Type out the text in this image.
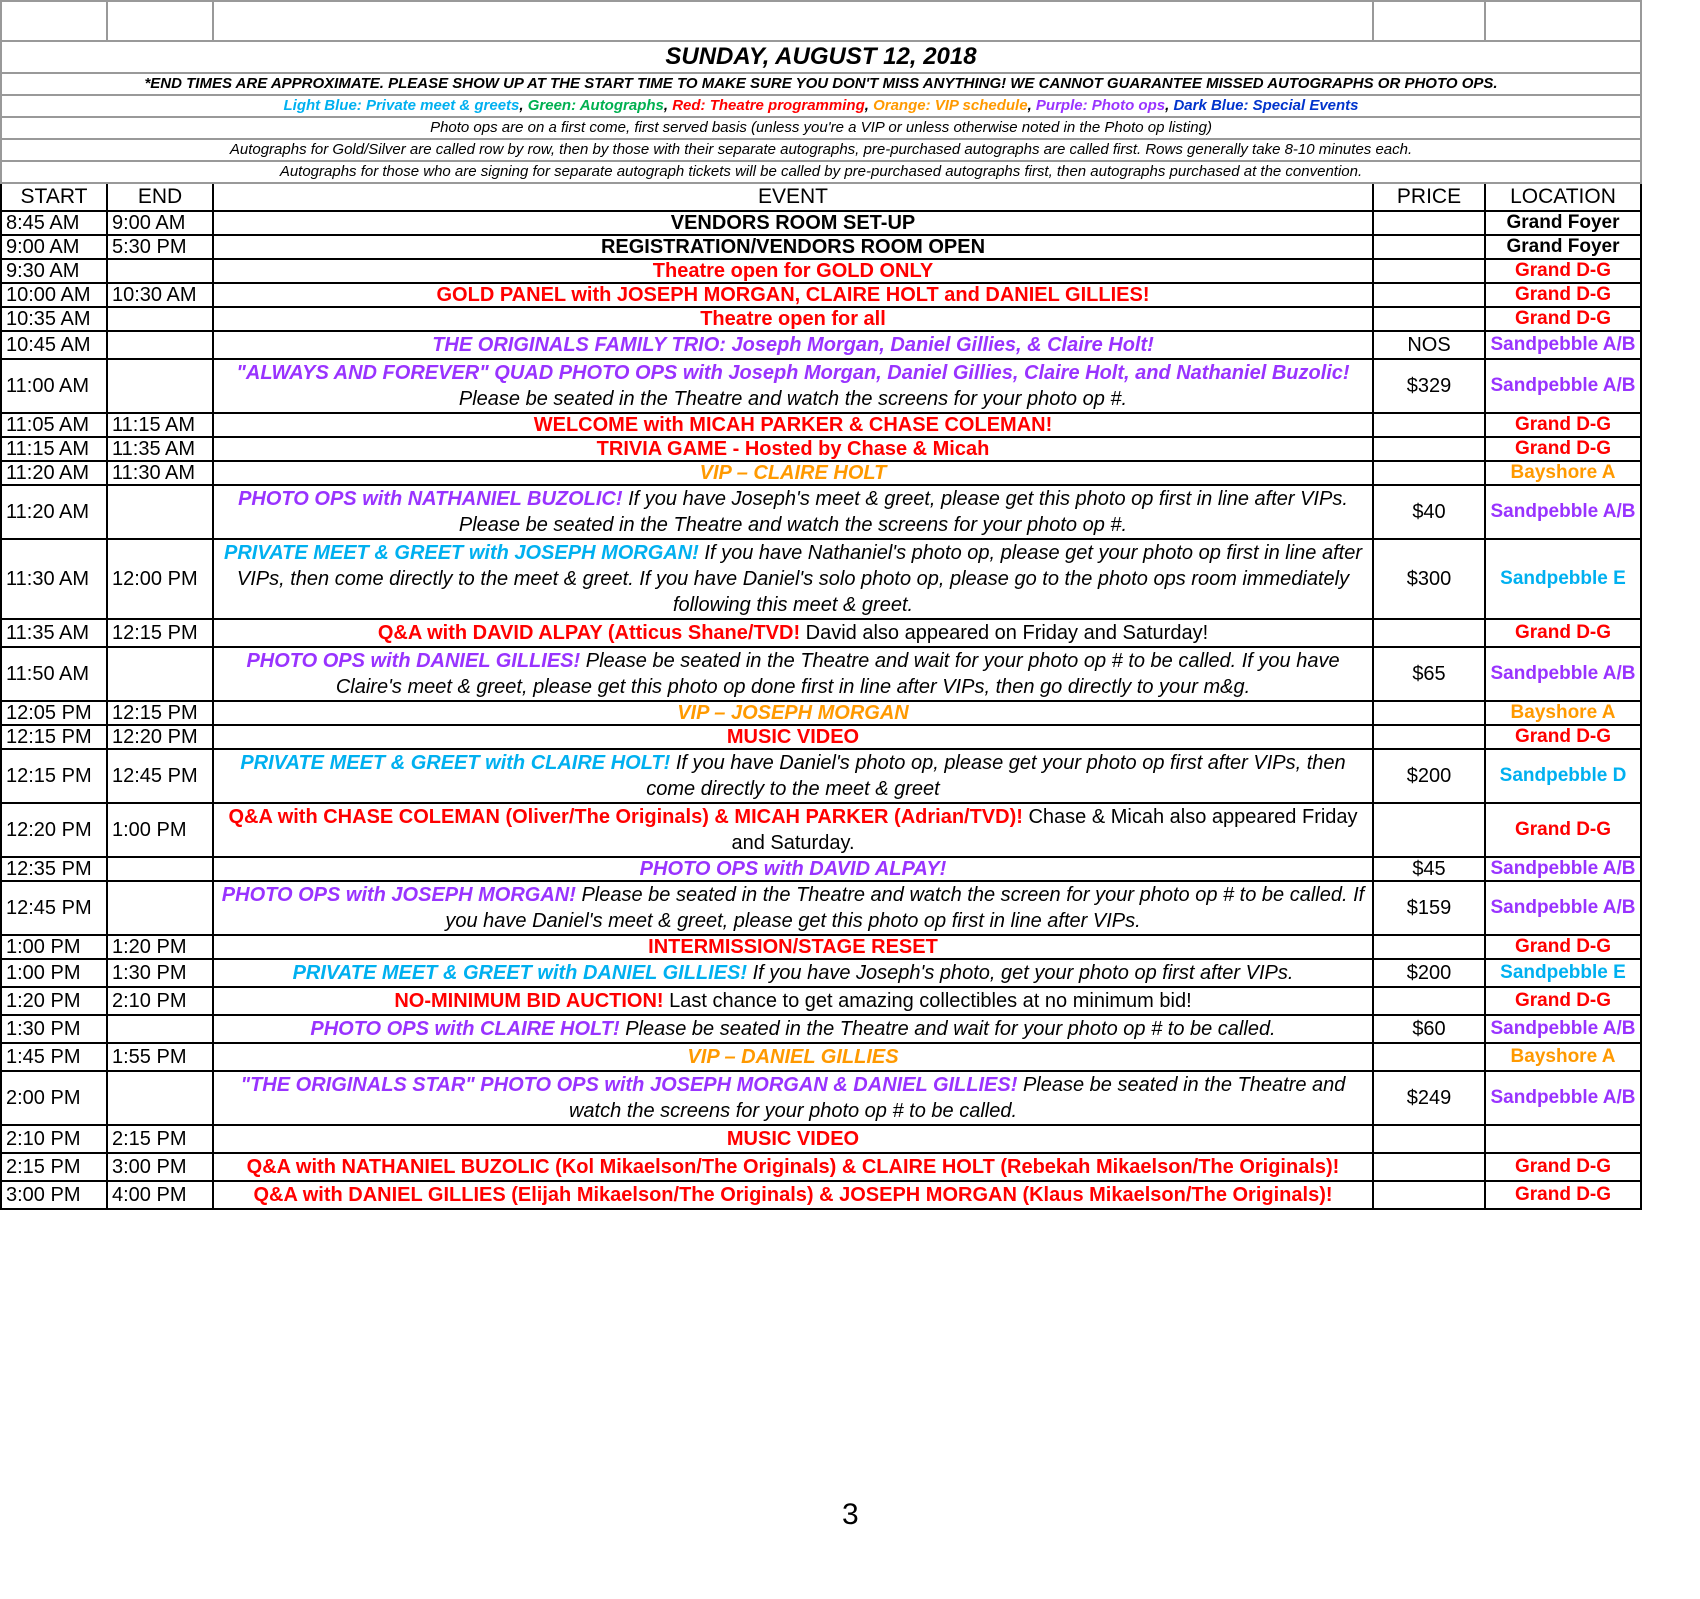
SUNDAY, AUGUST 12, 2018				
*END TIMES ARE APPROXIMATE. PLEASE SHOW UP AT THE START TIME TO MAKE SURE YOU DON'T MISS ANYTHING! WE CANNOT GUARANTEE MISSED AUTOGRAPHS OR PHOTO OPS.				
Light Blue: Private meet & greets, Green: Autographs, Red: Theatre programming, Orange: VIP schedule, Purple: Photo ops, Dark Blue: Special Events				
Photo ops are on a first come, first served basis (unless you're a VIP or unless otherwise noted in the Photo op listing)				
Autographs for Gold/Silver are called row by row, then by those with their separate autographs, pre-purchased autographs are called first. Rows generally take 8-10 minutes each.				
Autographs for those who are signing for separate autograph tickets will be called by pre-purchased autographs first, then autographs purchased at the convention.				
START	END	EVENT	PRICE	LOCATION
8:45 AM	9:00 AM	VENDORS ROOM SET-UP		Grand Foyer
9:00 AM	5:30 PM	REGISTRATION/VENDORS ROOM OPEN		Grand Foyer
9:30 AM		Theatre open for GOLD ONLY		Grand D-G
10:00 AM	10:30 AM	GOLD PANEL with JOSEPH MORGAN, CLAIRE HOLT and DANIEL GILLIES!		Grand D-G
10:35 AM		Theatre open for all		Grand D-G
10:45 AM		THE ORIGINALS FAMILY TRIO: Joseph Morgan, Daniel Gillies, & Claire Holt!	NOS	Sandpebble A/B
11:00 AM		"ALWAYS AND FOREVER" QUAD PHOTO OPS with Joseph Morgan, Daniel Gillies, Claire Holt, and Nathaniel Buzolic! Please be seated in the Theatre and watch the screens for your photo op #.	$329	Sandpebble A/B
11:05 AM	11:15 AM	WELCOME with MICAH PARKER & CHASE COLEMAN!		Grand D-G
11:15 AM	11:35 AM	TRIVIA GAME - Hosted by Chase & Micah		Grand D-G
11:20 AM	11:30 AM	VIP – CLAIRE HOLT		Bayshore A
11:20 AM		PHOTO OPS with NATHANIEL BUZOLIC! If you have Joseph's meet & greet, please get this photo op first in line after VIPs. Please be seated in the Theatre and watch the screens for your photo op #.	$40	Sandpebble A/B
11:30 AM	12:00 PM	PRIVATE MEET & GREET with JOSEPH MORGAN! If you have Nathaniel's photo op, please get your photo op first in line after VIPs, then come directly to the meet & greet. If you have Daniel's solo photo op, please go to the photo ops room immediately following this meet & greet.	$300	Sandpebble E
11:35 AM	12:15 PM	Q&A with DAVID ALPAY (Atticus Shane/TVD! David also appeared on Friday and Saturday!		Grand D-G
11:50 AM		PHOTO OPS with DANIEL GILLIES! Please be seated in the Theatre and wait for your photo op # to be called. If you have Claire's meet & greet, please get this photo op done first in line after VIPs, then go directly to your m&g.	$65	Sandpebble A/B
12:05 PM	12:15 PM	VIP – JOSEPH MORGAN		Bayshore A
12:15 PM	12:20 PM	MUSIC VIDEO		Grand D-G
12:15 PM	12:45 PM	PRIVATE MEET & GREET with CLAIRE HOLT! If you have Daniel's photo op, please get your photo op first after VIPs, then come directly to the meet & greet	$200	Sandpebble D
12:20 PM	1:00 PM	Q&A with CHASE COLEMAN (Oliver/The Originals) & MICAH PARKER (Adrian/TVD)! Chase & Micah also appeared Friday and Saturday.		Grand D-G
12:35 PM		PHOTO OPS with DAVID ALPAY!	$45	Sandpebble A/B
12:45 PM		PHOTO OPS with JOSEPH MORGAN! Please be seated in the Theatre and watch the screen for your photo op # to be called. If you have Daniel's meet & greet, please get this photo op first in line after VIPs.	$159	Sandpebble A/B
1:00 PM	1:20 PM	INTERMISSION/STAGE RESET		Grand D-G
1:00 PM	1:30 PM	PRIVATE MEET & GREET with DANIEL GILLIES! If you have Joseph's photo, get your photo op first after VIPs.	$200	Sandpebble E
1:20 PM	2:10 PM	NO-MINIMUM BID AUCTION! Last chance to get amazing collectibles at no minimum bid!		Grand D-G
1:30 PM		PHOTO OPS with CLAIRE HOLT! Please be seated in the Theatre and wait for your photo op # to be called.	$60	Sandpebble A/B
1:45 PM	1:55 PM	VIP – DANIEL GILLIES		Bayshore A
2:00 PM		"THE ORIGINALS STAR" PHOTO OPS with JOSEPH MORGAN & DANIEL GILLIES! Please be seated in the Theatre and watch the screens for your photo op # to be called.	$249	Sandpebble A/B
2:10 PM	2:15 PM	MUSIC VIDEO		
2:15 PM	3:00 PM	Q&A with NATHANIEL BUZOLIC (Kol Mikaelson/The Originals) & CLAIRE HOLT (Rebekah Mikaelson/The Originals)!		Grand D-G
3:00 PM	4:00 PM	Q&A with DANIEL GILLIES (Elijah Mikaelson/The Originals) & JOSEPH MORGAN (Klaus Mikaelson/The Originals)!		Grand D-G
3
